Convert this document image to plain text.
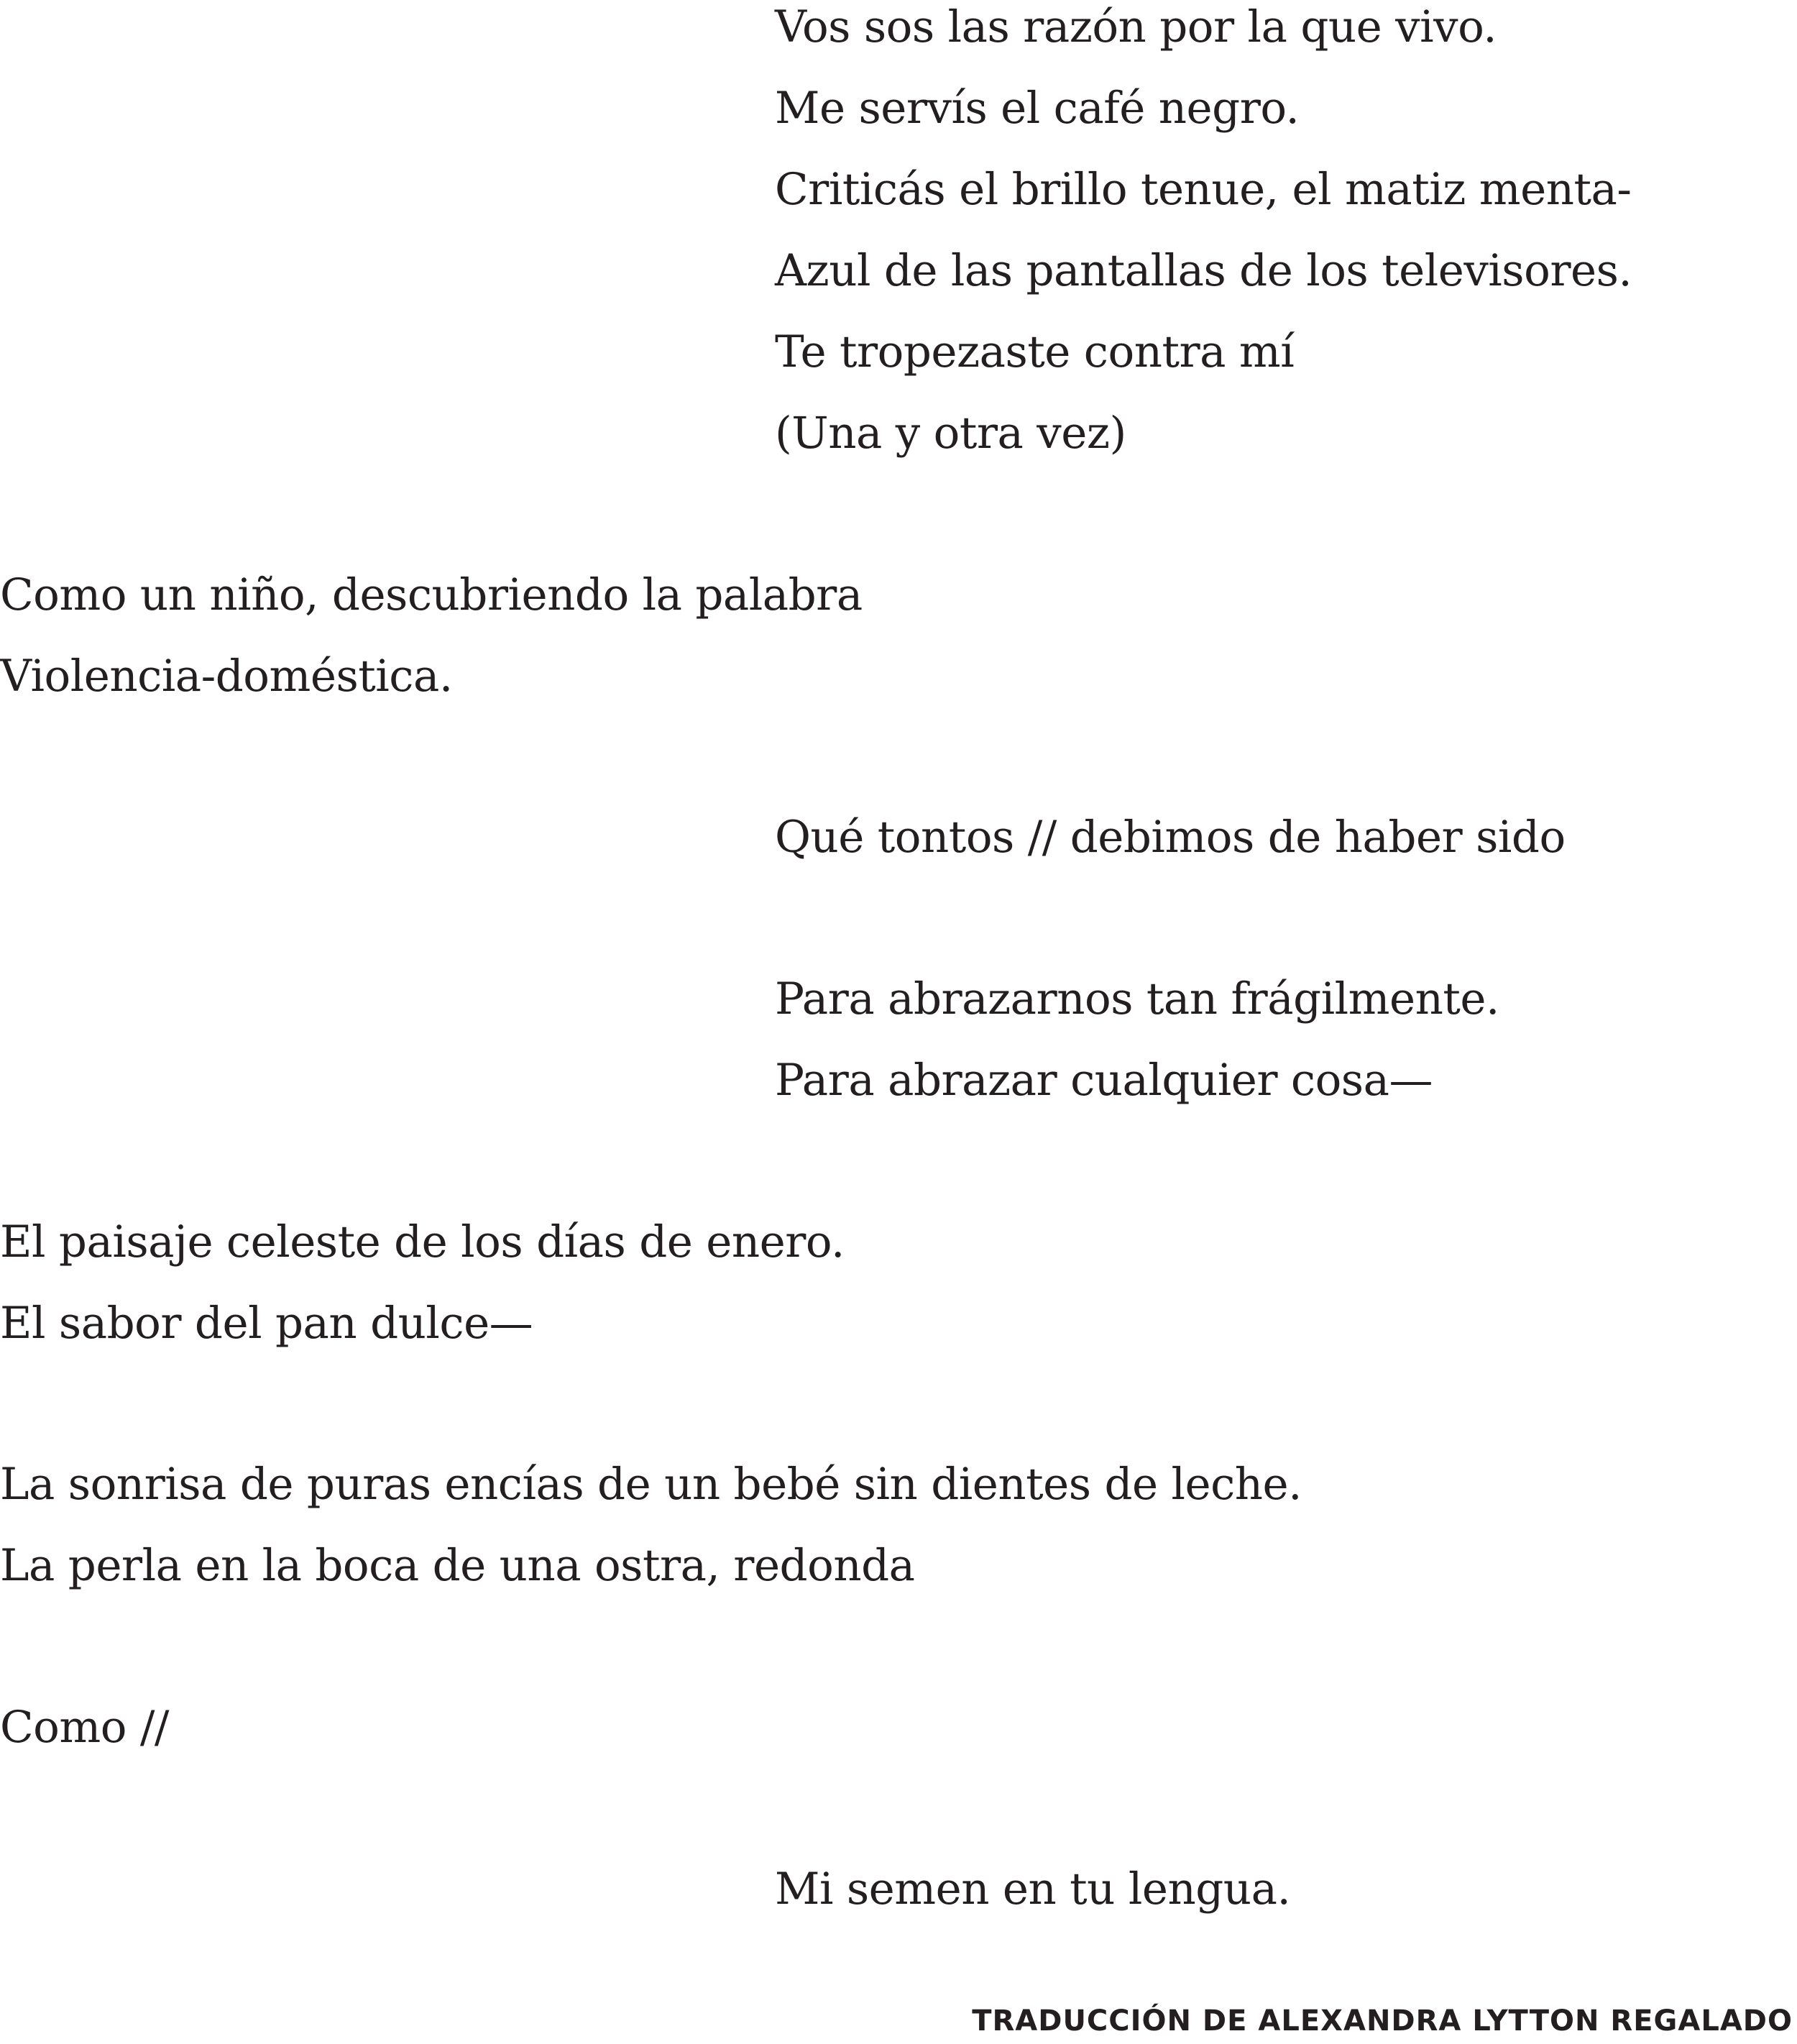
Vos sos las razón por la que vivo.

Me servís el café negro.

Criticás el brillo tenue, el matiz menta-

Azul de las pantallas de los televisores.

Te tropezaste contra mí

(Una y otra vez)

Como un niño, descubriendo la palabra

Violencia-doméstica.

Qué tontos // debimos de haber sido

Para abrazarnos tan frágilmente.

Para abrazar cualquier cosa—

El paisaje celeste de los días de enero.

El sabor del pan dulce—

La sonrisa de puras encías de un bebé sin dientes de leche.

La perla en la boca de una ostra, redonda

Como //

Mi semen en tu lengua.

TRADUCCIÓN DE ALEXANDRA LYTTON REGALADO
